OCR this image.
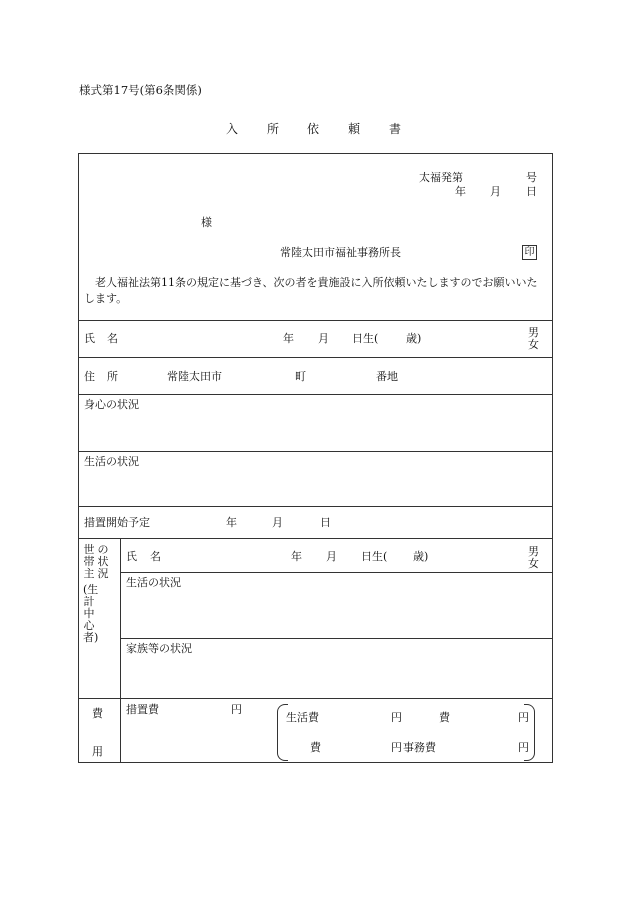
様式第17号(第6条関係)
入 所 依 頼 書
太福発第	号
年 月 日
様
常陸太田市福祉事務所長	印
老人福祉法第11条の規定に基づき、次の者を貴施設に入所依頼いたしますのでお願いいたします。
氏 名	年 月 日生(	歳)	男
女
住 所	常陸太田市	町	番地
身心の状況
生活の状況
措置開始予定	年	月	日
世帯主
の状況
(生計中心者)
氏 名	年 月 日生( 歳)	男
女
生活の状況
家族等の状況
費
用
措置費	円
生活費	円	費	円
費	円 事務費	円
